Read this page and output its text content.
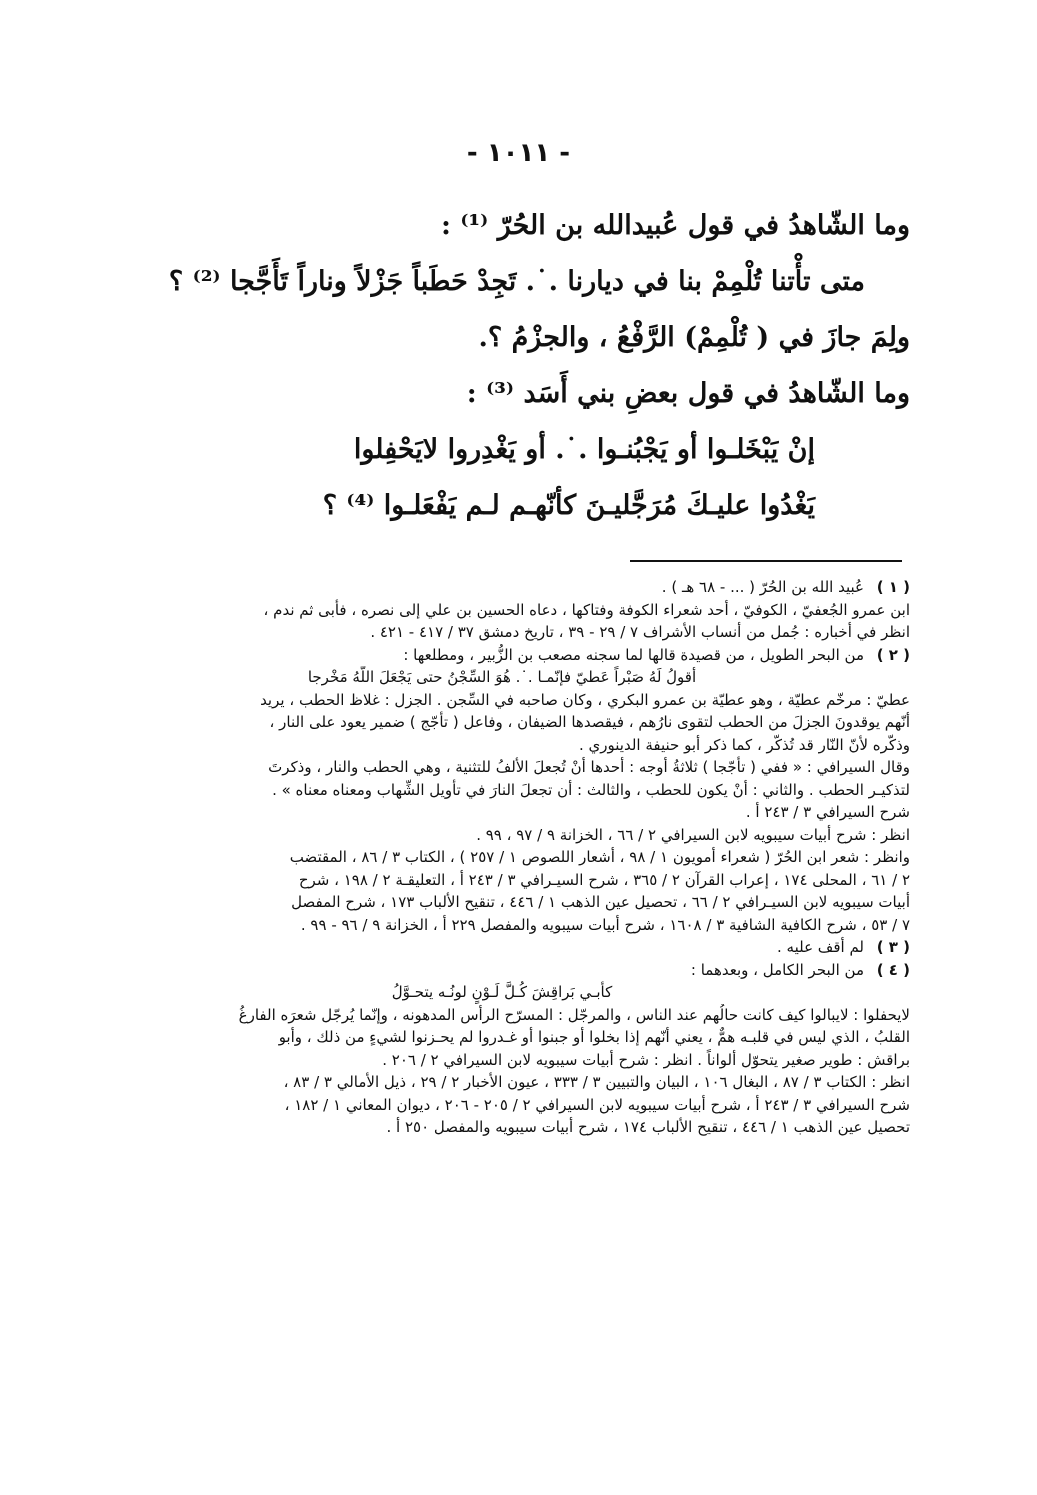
- ١٠١١ -

وما الشّاهدُ في قول عُبيدالله بن الحُرّ ⁽¹⁾ :

متى تأْتنا تُلْمِمْ بنا في ديارنا .˙. تَجِدْ حَطَباً جَزْلاً وناراً تَأَجَّجا ⁽²⁾ ؟

ولِمَ جازَ في ( تُلْمِمْ) الرَّفْعُ ، والجزْمُ ؟.

وما الشّاهدُ في قول بعضِ بني أَسَد ⁽³⁾ :

إنْ يَبْخَلـوا أو يَجْبُنـوا .˙. أو يَغْدِروا لايَحْفِلوا

يَغْدُوا عليـكَ مُرَجَّليـنَ كأنّهـم لـم يَفْعَلـوا ⁽⁴⁾ ؟

( ١ )
عُبيد الله بن الحُرّ ( ... - ٦٨ هـ ) .
ابن عمرو الجُعفيّ ، الكوفيّ ، أحد شعراء الكوفة وفتاكها ، دعاه الحسين بن علي إلى نصره ، فأبى ثم ندم ،
انظر في أخباره : جُمل من أنساب الأشراف ٧ / ٢٩ - ٣٩ ، تاريخ دمشق ٣٧ / ٤١٧ - ٤٢١ .
( ٢ )
من البحر الطويل ، من قصيدة قالها لما سجنه مصعب بن الزُّبير ، ومطلعها :
أقولُ لَهُ صَبْراً عَطيّ فإنّمـا .˙. هُوَ السِّجْنُ حتى يَجْعَلَ اللّهُ مَخْرجا
عطيّ : مرخّم عطيّة ، وهو عطيّة بن عمرو البكري ، وكان صاحبه في السِّجن . الجزل : غلاظ الحطب ، يريد
أنّهم يوقدونَ الجزلَ من الحطب لتقوى نارُهم ، فيقصدها الضيفان ، وفاعل ( تأجّج ) ضمير يعود على النار ،
وذكّره لأنّ النّار قد تُذكّر ، كما ذكر أبو حنيفة الدينوري .
وقال السيرافي : « ففي ( تأجّجا ) ثلاثةُ أوجه : أحدها أنْ تُجعلَ الألفُ للتثنية ، وهي الحطب والنار ، وذكرتَ
لتذكيـر الحطب . والثاني : أنْ يكون للحطب ، والثالث : أن تجعلَ النارَ في تأويل الشِّهاب ومعناه معناه » .
شرح السيرافي ٣ / ٢٤٣ أ .
انظر : شرح أبيات سيبويه لابن السيرافي ٢ / ٦٦ ، الخزانة ٩ / ٩٧ ، ٩٩ .
وانظر : شعر ابن الحُرّ ( شعراء أمويون ١ / ٩٨ ، أشعار اللصوص ١ / ٢٥٧ ) ، الكتاب ٣ / ٨٦ ، المقتضب
٢ / ٦١ ، المحلى ١٧٤ ، إعراب القرآن ٢ / ٣٦٥ ، شرح السيـرافي ٣ / ٢٤٣ أ ، التعليقـة ٢ / ١٩٨ ، شرح
أبيات سيبويه لابن السيـرافي ٢ / ٦٦ ، تحصيل عين الذهب ١ / ٤٤٦ ، تنقيح الألباب ١٧٣ ، شرح المفصل
٧ / ٥٣ ، شرح الكافية الشافية ٣ / ١٦٠٨ ، شرح أبيات سيبويه والمفصل ٢٢٩ أ ، الخزانة ٩ / ٩٦ - ٩٩ .
( ٣ )
لم أقف عليه .
( ٤ )
من البحر الكامل ، وبعدهما :
كأبـي بَراقِشَ كُـلَّ لَـوْنٍ لونُـه يتحـوَّلُ
لايحفلوا : لايبالوا كيف كانت حالُهم عند الناس ، والمرجّل : المسرّح الرأس المدهونه ، وإنّما يُرجّل شعرَه الفارغُ
القلبُ ، الذي ليس في قلبـه همٌّ ، يعني أنّهم إذا بخلوا أو جبنوا أو غـدروا لم يحـزنوا لشيءٍ من ذلك ، وأبو
براقش : طوير صغير يتحوّل ألواناً . انظر : شرح أبيات سيبويه لابن السيرافي ٢ / ٢٠٦ .
انظر : الكتاب ٣ / ٨٧ ، البغال ١٠٦ ، البيان والتبيين ٣ / ٣٣٣ ، عيون الأخبار ٢ / ٢٩ ، ذيل الأمالي ٣ / ٨٣ ،
شرح السيرافي ٣ / ٢٤٣ أ ، شرح أبيات سيبويه لابن السيرافي ٢ / ٢٠٥ - ٢٠٦ ، ديوان المعاني ١ / ١٨٢ ،
تحصيل عين الذهب ١ / ٤٤٦ ، تنقيح الألباب ١٧٤ ، شرح أبيات سيبويه والمفصل ٢٥٠ أ .
